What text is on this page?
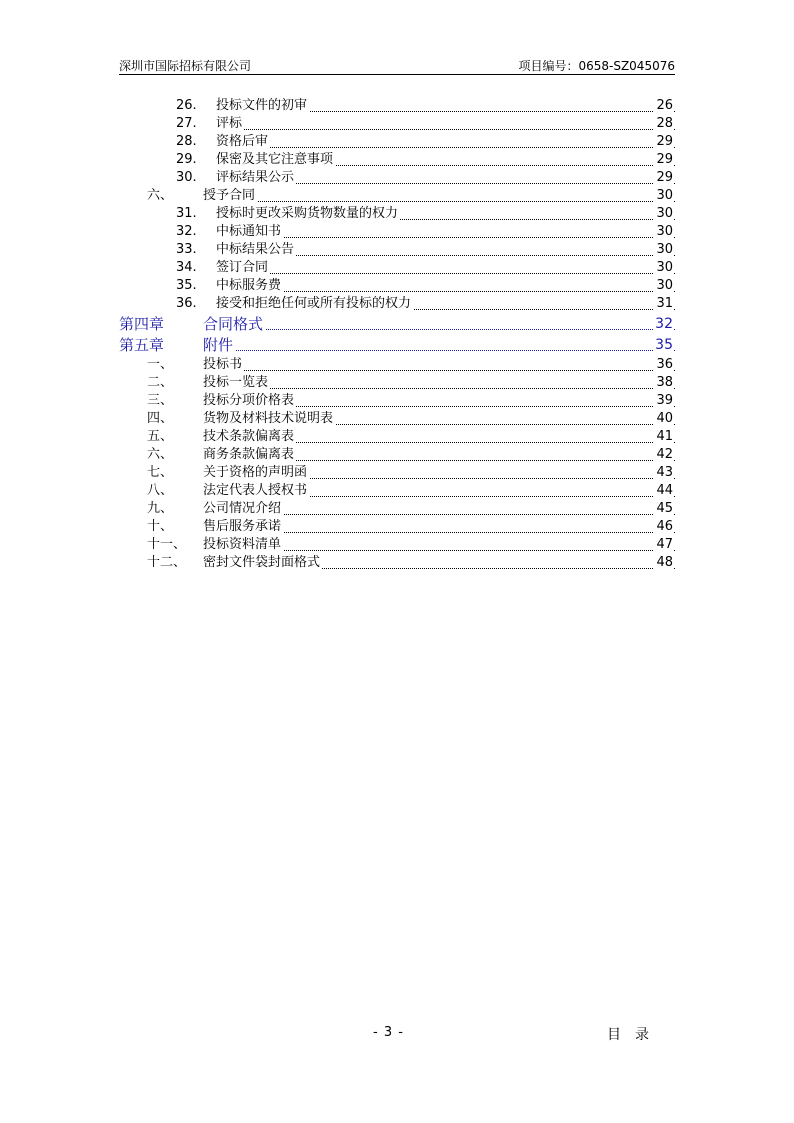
深圳市国际招标有限公司	项目编号：0658-SZ045076
26. 投标文件的初审	26
27. 评标	28
28. 资格后审	29
29. 保密及其它注意事项	29
30. 评标结果公示	29
六、 授予合同	30
31. 授标时更改采购货物数量的权力	30
32. 中标通知书	30
33. 中标结果公告	30
34. 签订合同	30
35. 中标服务费	30
36. 接受和拒绝任何或所有投标的权力	31
第四章	合同格式	32
第五章	附件	35
一、 投标书	36
二、 投标一览表	38
三、 投标分项价格表	39
四、 货物及材料技术说明表	40
五、 技术条款偏离表	41
六、 商务条款偏离表	42
七、 关于资格的声明函	43
八、 法定代表人授权书	44
九、 公司情况介绍	45
十、 售后服务承诺	46
十一、 投标资料清单	47
十二、 密封文件袋封面格式	48
- 3 -	目录
